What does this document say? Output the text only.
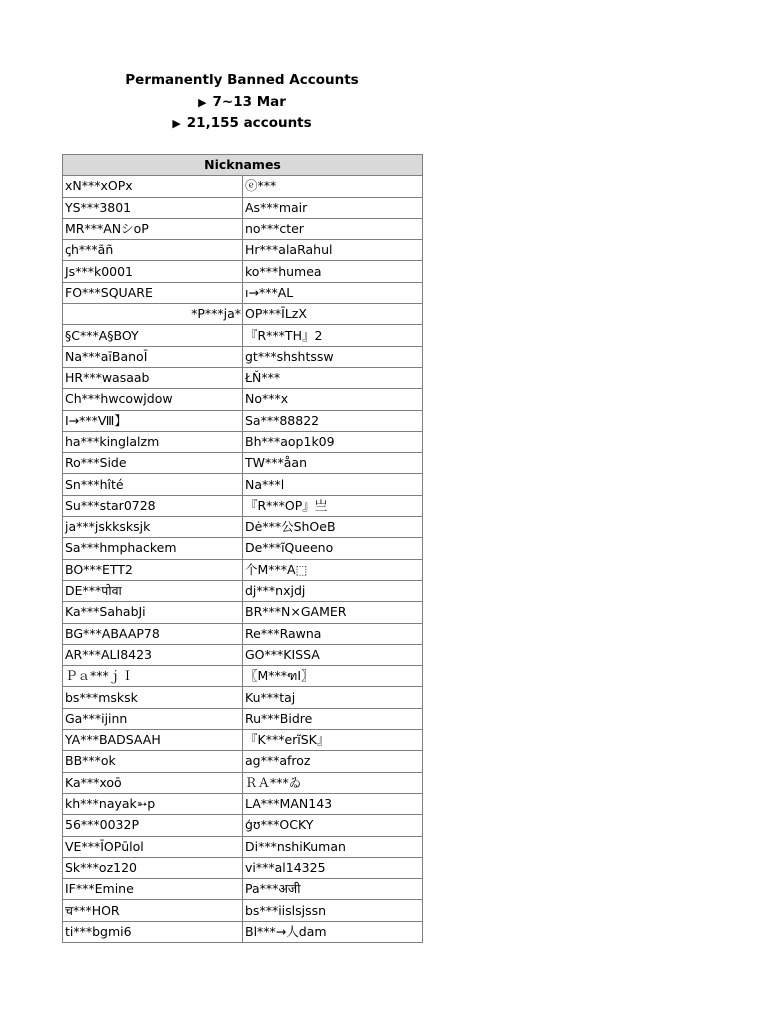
Permanently Banned Accounts
▶ 7~13 Mar
▶ 21,155 accounts
Nicknames	
xN***xOPx	ⓔ***
YS***3801	As***mair
MR***ANシoP	no***cter
ꞔh***ãñ	Hr***alaRahul
Js***k0001	ko***humea
FO***SQUARE	ı→***AL
*P***ja*	OP***ĪLzX
§C***A§BOY	『R***TH』2
Na***aīBanoĪ	gt***shshtssw
HR***wasaab	ŁŇ***
Ch***hwcowjdow	No***x
I→***Ⅷ】	Sa***88822
ha***kinglalzm	Bh***aop1k09
Ro***Side	TW***åan
Sn***hîté	Na***l
Su***star0728	『R***OP』亗
ja***jskksksjk	Dė***公ShOeB
Sa***hmphackem	De***ĩQueeno
BO***ETT2	个M***A⬚
DE***पोवा	dj***nxjdj
Ka***SahabJi	BR***N×GAMER
BG***ABAAP78	Re***Rawna
AR***ALI8423	GO***KISSA
Ｐａ***ｊＩ	〖M***ฑI〗
bs***msksk	Ku***taj
Ga***ijinn	Ru***Bidre
YA***BADSAAH	『K***erĩSK』
BB***ok	ag***afroz
Ka***xoō	ＲＡ***ゐ
kh***nayak➳p	LA***MAN143
56***0032P	ģʊ***OCKY
VE***ĪOPūlol	Di***nshiKuman
Sk***oz120	vi***al14325
IF***Emine	Pa***अजी
च***HOR	bs***iislsjssn
ti***bgmi6	Bl***→人dam
